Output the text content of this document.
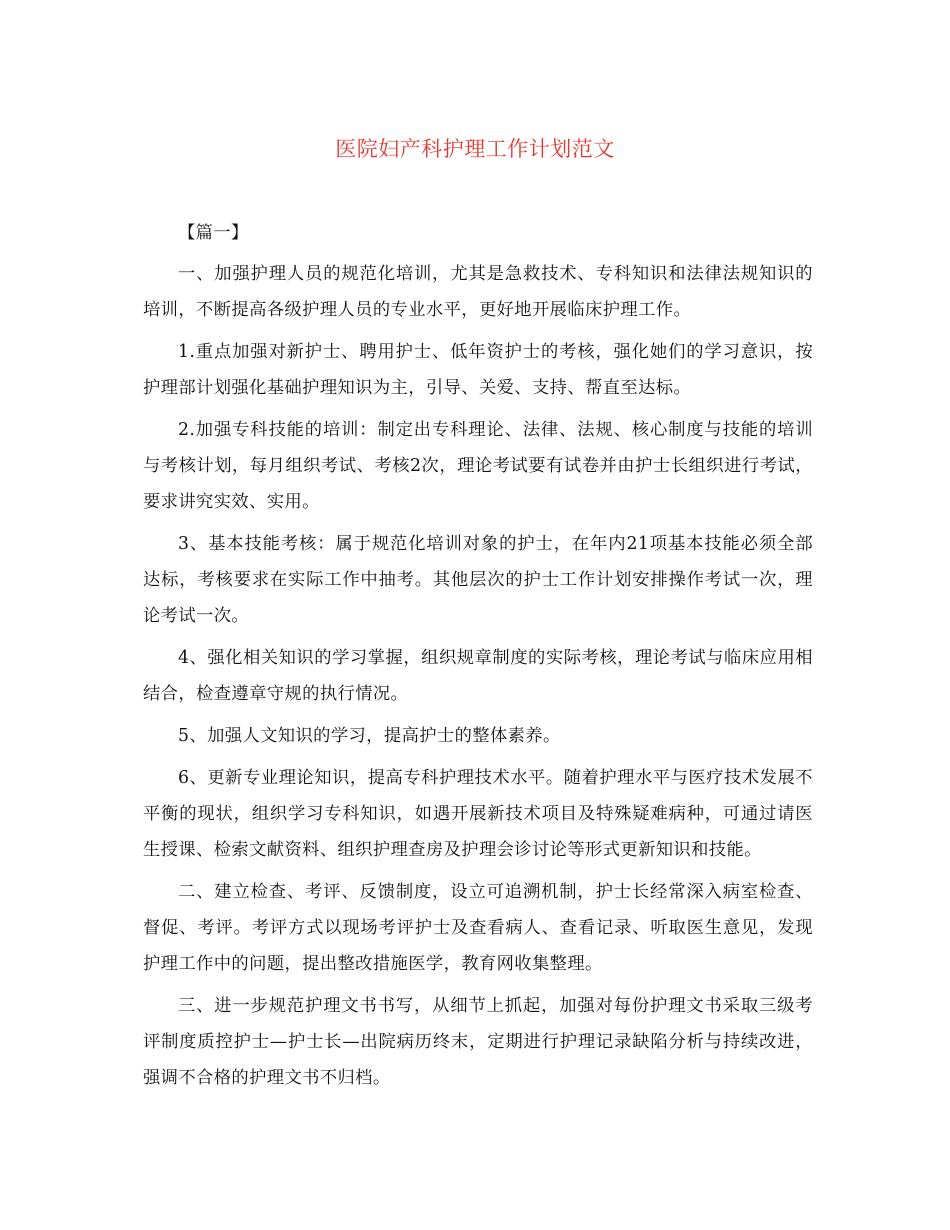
医院妇产科护理工作计划范文

【篇一】

一、加强护理人员的规范化培训，尤其是急救技术、专科知识和法律法规知识的培训，不断提高各级护理人员的专业水平，更好地开展临床护理工作。

1.重点加强对新护士、聘用护士、低年资护士的考核，强化她们的学习意识，按护理部计划强化基础护理知识为主，引导、关爱、支持、帮直至达标。

2.加强专科技能的培训：制定出专科理论、法律、法规、核心制度与技能的培训与考核计划，每月组织考试、考核2次，理论考试要有试卷并由护士长组织进行考试，要求讲究实效、实用。

3、基本技能考核：属于规范化培训对象的护士，在年内21项基本技能必须全部达标，考核要求在实际工作中抽考。其他层次的护士工作计划安排操作考试一次，理论考试一次。

4、强化相关知识的学习掌握，组织规章制度的实际考核，理论考试与临床应用相结合，检查遵章守规的执行情况。

5、加强人文知识的学习，提高护士的整体素养。

6、更新专业理论知识，提高专科护理技术水平。随着护理水平与医疗技术发展不平衡的现状，组织学习专科知识，如遇开展新技术项目及特殊疑难病种，可通过请医生授课、检索文献资料、组织护理查房及护理会诊讨论等形式更新知识和技能。

二、建立检查、考评、反馈制度，设立可追溯机制，护士长经常深入病室检查、督促、考评。考评方式以现场考评护士及查看病人、查看记录、听取医生意见，发现护理工作中的问题，提出整改措施医学，教育网收集整理。

三、进一步规范护理文书书写，从细节上抓起，加强对每份护理文书采取三级考评制度质控护士—护士长—出院病历终末，定期进行护理记录缺陷分析与持续改进，强调不合格的护理文书不归档。
